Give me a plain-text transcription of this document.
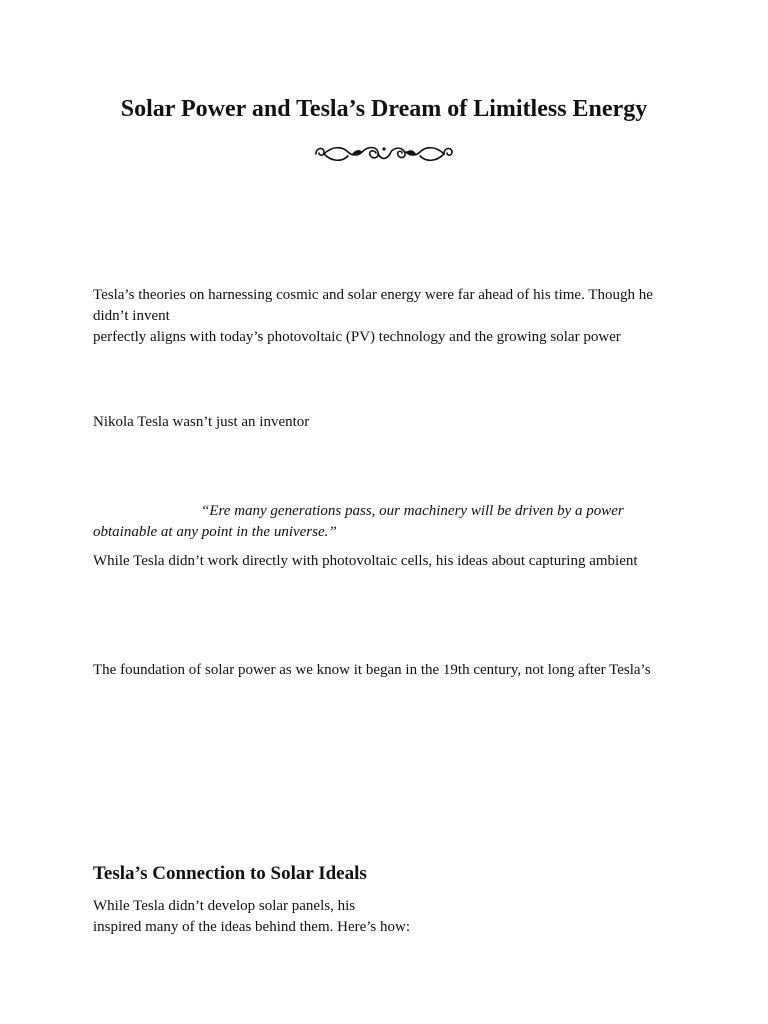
Solar Power and Tesla’s Dream of Limitless Energy

Tesla’s theories on harnessing cosmic and solar energy were far ahead of his time. Though he
didn’t invent
perfectly aligns with today’s photovoltaic (PV) technology and the growing solar power

Nikola Tesla wasn’t just an inventor

“Ere many generations pass, our machinery will be driven by a power
obtainable at any point in the universe.”

While Tesla didn’t work directly with photovoltaic cells, his ideas about capturing ambient

The foundation of solar power as we know it began in the 19th century, not long after Tesla’s

Tesla’s Connection to Solar Ideals

While Tesla didn’t develop solar panels, his
inspired many of the ideas behind them. Here’s how:
